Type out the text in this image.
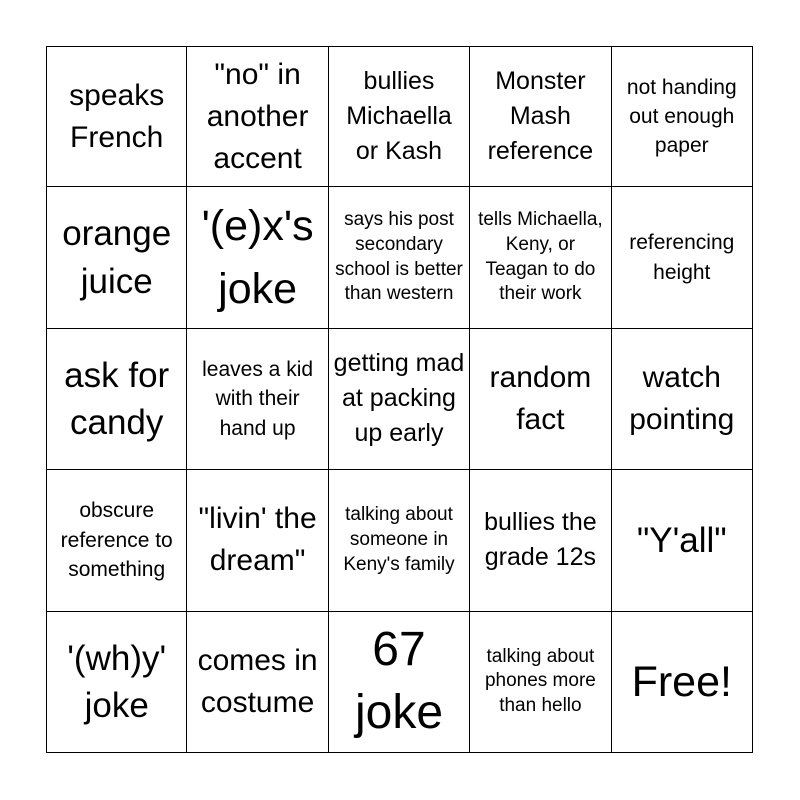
speaks French
"no" in another accent
bullies Michaella or Kash
Monster Mash reference
not handing out enough paper
orange juice
'(e)x's joke
says his post secondary school is better than western
tells Michaella, Keny, or Teagan to do their work
referencing height
ask for candy
leaves a kid with their hand up
getting mad at packing up early
random fact
watch pointing
obscure reference to something
"livin' the dream"
talking about someone in Keny's family
bullies the grade 12s	"Y'all"
'(wh)y' joke
comes in costume
67 joke
talking about phones more than hello
Free!
